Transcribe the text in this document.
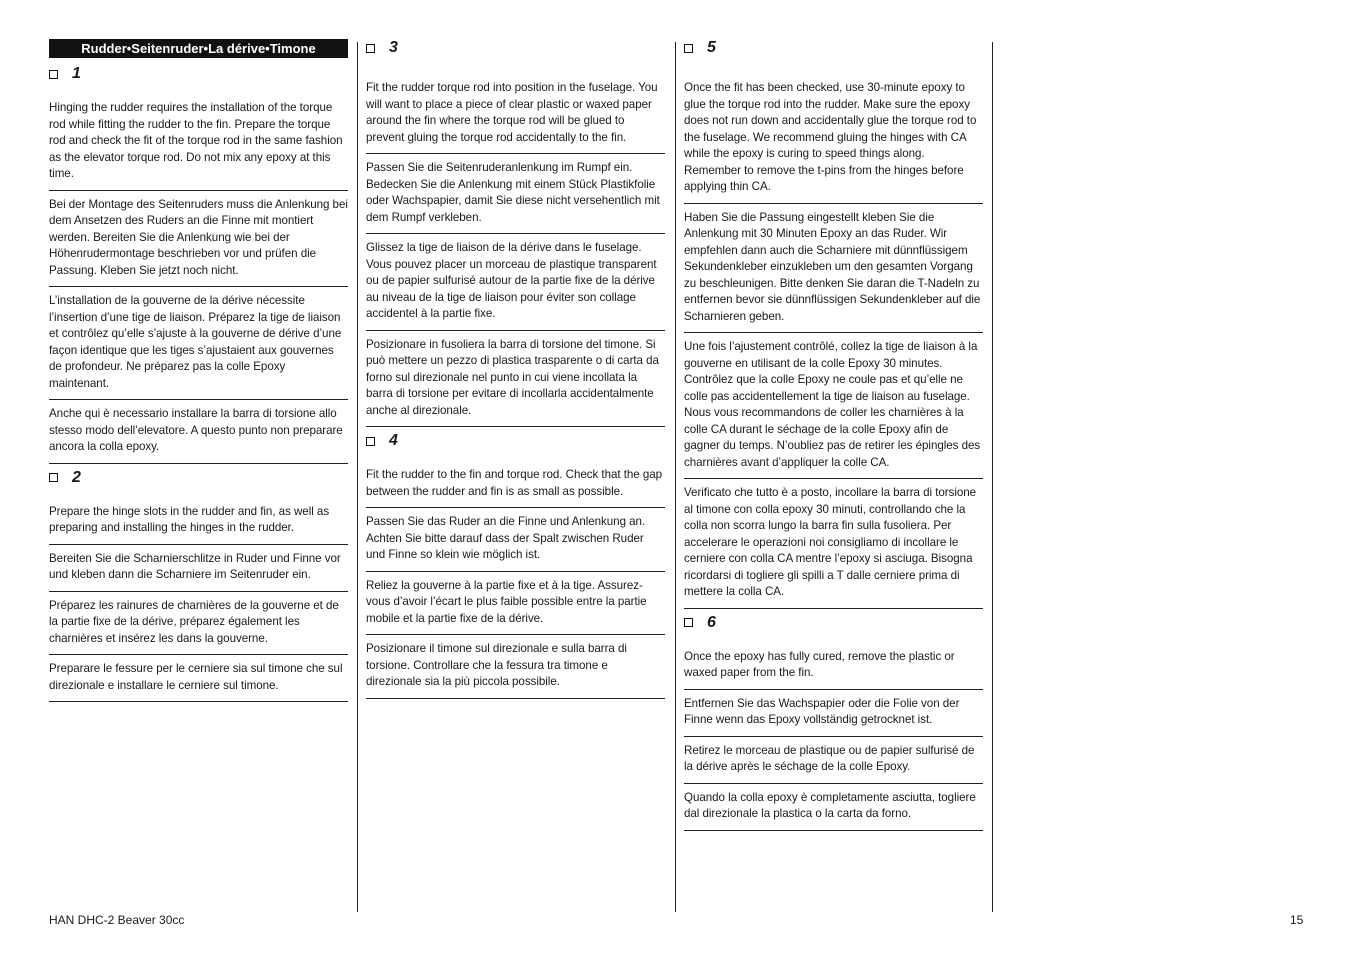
Rudder•Seitenruder•La dérive•Timone
1
Hinging the rudder requires the installation of the torque rod while fitting the rudder to the fin. Prepare the torque rod and check the fit of the torque rod in the same fashion as the elevator torque rod. Do not mix any epoxy at this time.
Bei der Montage des Seitenruders muss die Anlenkung bei dem Ansetzen des Ruders an die Finne mit montiert werden. Bereiten Sie die Anlenkung wie bei der Höhenrudermontage beschrieben vor und prüfen die Passung. Kleben Sie jetzt noch nicht.
L’installation de la gouverne de la dérive nécessite l’insertion d’une tige de liaison. Préparez la tige de liaison et contrôlez qu’elle s’ajuste à la gouverne de dérive d’une façon identique que les tiges s’ajustaient aux gouvernes de profondeur. Ne préparez pas la colle Epoxy maintenant.
Anche qui è necessario installare la barra di torsione allo stesso modo dell’elevatore. A questo punto non preparare ancora la colla epoxy.
2
Prepare the hinge slots in the rudder and fin, as well as preparing and installing the hinges in the rudder.
Bereiten Sie die Scharnierschlitze in Ruder und Finne vor und kleben dann die Scharniere im Seitenruder ein.
Préparez les rainures de charnières de la gouverne et de la partie fixe de la dérive, préparez également les charnières et insérez les dans la gouverne.
Preparare le fessure per le cerniere sia sul timone che sul direzionale e installare le cerniere sul timone.
3
Fit the rudder torque rod into position in the fuselage. You will want to place a piece of clear plastic or waxed paper around the fin where the torque rod will be glued to prevent gluing the torque rod accidentally to the fin.
Passen Sie die Seitenruderanlenkung im Rumpf ein. Bedecken Sie die Anlenkung mit einem Stück Plastikfolie oder Wachspapier, damit Sie diese nicht versehentlich mit dem Rumpf verkleben.
Glissez la tige de liaison de la dérive dans le fuselage. Vous pouvez placer un morceau de plastique transparent ou de papier sulfurisé autour de la partie fixe de la dérive au niveau de la tige de liaison pour éviter son collage accidentel à la partie fixe.
Posizionare in fusoliera la barra di torsione del timone. Si può mettere un pezzo di plastica trasparente o di carta da forno sul direzionale nel punto in cui viene incollata la barra di torsione per evitare di incollarla accidentalmente anche al direzionale.
4
Fit the rudder to the fin and torque rod. Check that the gap between the rudder and fin is as small as possible.
Passen Sie das Ruder an die Finne und Anlenkung an. Achten Sie bitte darauf dass der Spalt zwischen Ruder und Finne so klein wie möglich ist.
Reliez la gouverne à la partie fixe et à la tige. Assurez-vous d’avoir l’écart le plus faible possible entre la partie mobile et la partie fixe de la dérive.
Posizionare il timone sul direzionale e sulla barra di torsione. Controllare che la fessura tra timone e direzionale sia la più piccola possibile.
5
Once the fit has been checked, use 30-minute epoxy to glue the torque rod into the rudder. Make sure the epoxy does not run down and accidentally glue the torque rod to the fuselage. We recommend gluing the hinges with CA while the epoxy is curing to speed things along. Remember to remove the t-pins from the hinges before applying thin CA.
Haben Sie die Passung eingestellt kleben Sie die Anlenkung mit 30 Minuten Epoxy an das Ruder. Wir empfehlen dann auch die Scharniere mit dünnflüssigem Sekundenkleber einzukleben um den gesamten Vorgang zu beschleunigen. Bitte denken Sie daran die T-Nadeln zu entfernen bevor sie dünnflüssigen Sekundenkleber auf die Scharnieren geben.
Une fois l’ajustement contrôlé, collez la tige de liaison à la gouverne en utilisant de la colle Epoxy 30 minutes. Contrôlez que la colle Epoxy ne coule pas et qu’elle ne colle pas accidentellement la tige de liaison au fuselage. Nous vous recommandons de coller les charnières à la colle CA durant le séchage de la colle Epoxy afin de gagner du temps. N’oubliez pas de retirer les épingles des charnières avant d’appliquer la colle CA.
Verificato che tutto è a posto, incollare la barra di torsione al timone con colla epoxy 30 minuti, controllando che la colla non scorra lungo la barra fin sulla fusoliera. Per accelerare le operazioni noi consigliamo di incollare le cerniere con colla CA mentre l’epoxy si asciuga. Bisogna ricordarsi di togliere gli spilli a T dalle cerniere prima di mettere la colla CA.
6
Once the epoxy has fully cured, remove the plastic or waxed paper from the fin.
Entfernen Sie das Wachspapier oder die Folie von der Finne wenn das Epoxy vollständig getrocknet ist.
Retirez le morceau de plastique ou de papier sulfurisé de la dérive après le séchage de la colle Epoxy.
Quando la colla epoxy è completamente asciutta, togliere dal direzionale la plastica o la carta da forno.
HAN DHC-2 Beaver 30cc	15
